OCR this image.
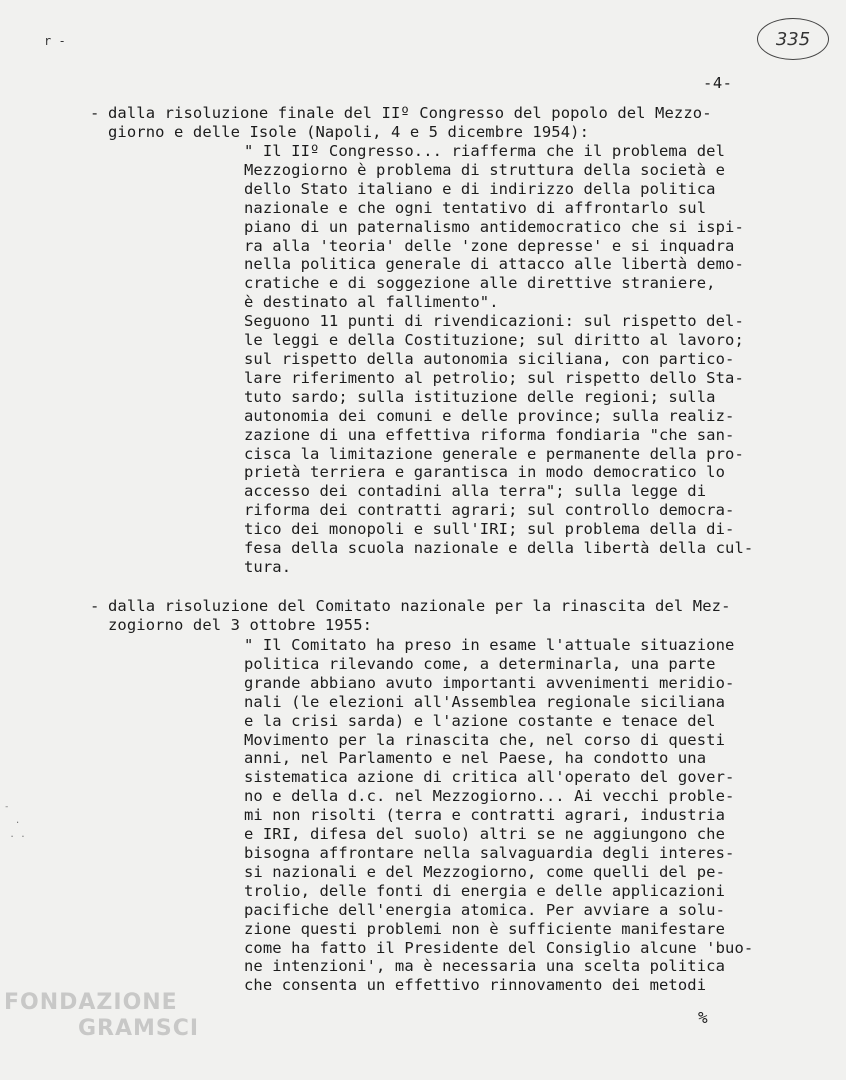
335
r -
-4-
- dalla risoluzione finale del IIº Congresso del popolo del Mezzo-
giorno e delle Isole (Napoli, 4 e 5 dicembre 1954):
" Il IIº Congresso... riafferma che il problema del
Mezzogiorno è problema di struttura della società e
dello Stato italiano e di indirizzo della politica
nazionale e che ogni tentativo di affrontarlo sul
piano di un paternalismo antidemocratico che si ispi-
ra alla 'teoria' delle 'zone depresse' e si inquadra
nella politica generale di attacco alle libertà demo-
cratiche e di soggezione alle direttive straniere,
è destinato al fallimento".
Seguono 11 punti di rivendicazioni: sul rispetto del-
le leggi e della Costituzione; sul diritto al lavoro;
sul rispetto della autonomia siciliana, con partico-
lare riferimento al petrolio; sul rispetto dello Sta-
tuto sardo; sulla istituzione delle regioni; sulla
autonomia dei comuni e delle province; sulla realiz-
zazione di una effettiva riforma fondiaria "che san-
cisca la limitazione generale e permanente della pro-
prietà terriera e garantisca in modo democratico lo
accesso dei contadini alla terra"; sulla legge di
riforma dei contratti agrari; sul controllo democra-
tico dei monopoli e sull'IRI; sul problema della di-
fesa della scuola nazionale e della libertà della cul-
tura.
- dalla risoluzione del Comitato nazionale per la rinascita del Mez-
zogiorno del 3 ottobre 1955:
" Il Comitato ha preso in esame l'attuale situazione
politica rilevando come, a determinarla, una parte
grande abbiano avuto importanti avvenimenti meridio-
nali (le elezioni all'Assemblea regionale siciliana
e la crisi sarda) e l'azione costante e tenace del
Movimento per la rinascita che, nel corso di questi
anni, nel Parlamento e nel Paese, ha condotto una
sistematica azione di critica all'operato del gover-
no e della d.c. nel Mezzogiorno... Ai vecchi proble-
mi non risolti (terra e contratti agrari, industria
e IRI, difesa del suolo) altri se ne aggiungono che
bisogna affrontare nella salvaguardia degli interes-
si nazionali e del Mezzogiorno, come quelli del pe-
trolio, delle fonti di energia e delle applicazioni
pacifiche dell'energia atomica. Per avviare a solu-
zione questi problemi non è sufficiente manifestare
come ha fatto il Presidente del Consiglio alcune 'buo-
ne intenzioni', ma è necessaria una scelta politica
che consenta un effettivo rinnovamento dei metodi
%
-
.
. .

FONDAZIONE
GRAMSCI
